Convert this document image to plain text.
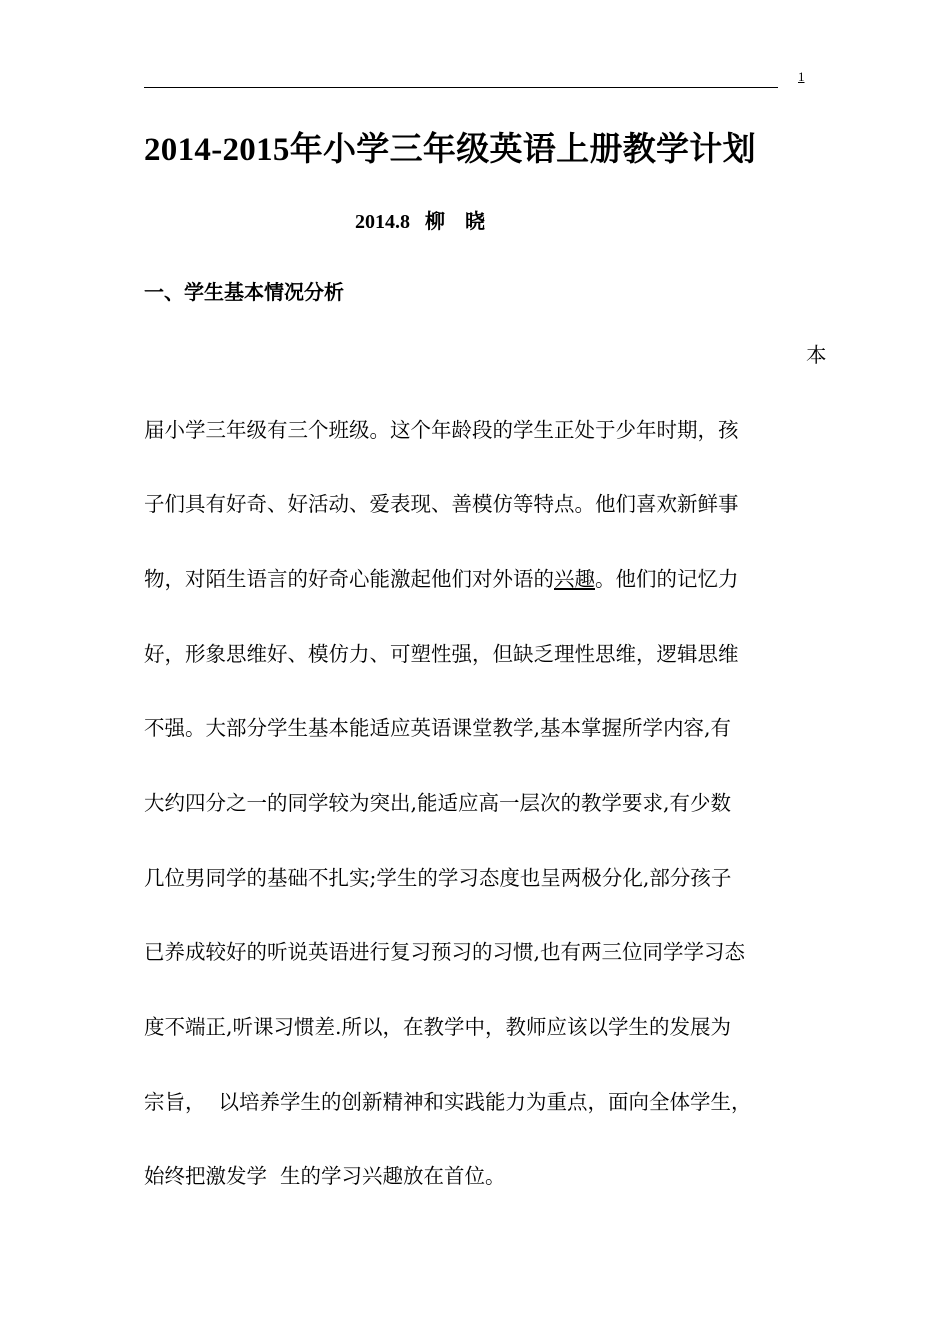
1
2014-2015年小学三年级英语上册教学计划
2014.8   柳    晓
一、学生基本情况分析
本
届小学三年级有三个班级。这个年龄段的学生正处于少年时期，孩
子们具有好奇、好活动、爱表现、善模仿等特点。他们喜欢新鲜事
物，对陌生语言的好奇心能激起他们对外语的兴趣。他们的记忆力
好，形象思维好、模仿力、可塑性强，但缺乏理性思维，逻辑思维
不强。大部分学生基本能适应英语课堂教学,基本掌握所学内容,有
大约四分之一的同学较为突出,能适应高一层次的教学要求,有少数
几位男同学的基础不扎实;学生的学习态度也呈两极分化,部分孩子
已养成较好的听说英语进行复习预习的习惯,也有两三位同学学习态
度不端正,听课习惯差.所以，在教学中，教师应该以学生的发展为
宗旨，  以培养学生的创新精神和实践能力为重点，面向全体学生，
始终把激发学  生的学习兴趣放在首位。
